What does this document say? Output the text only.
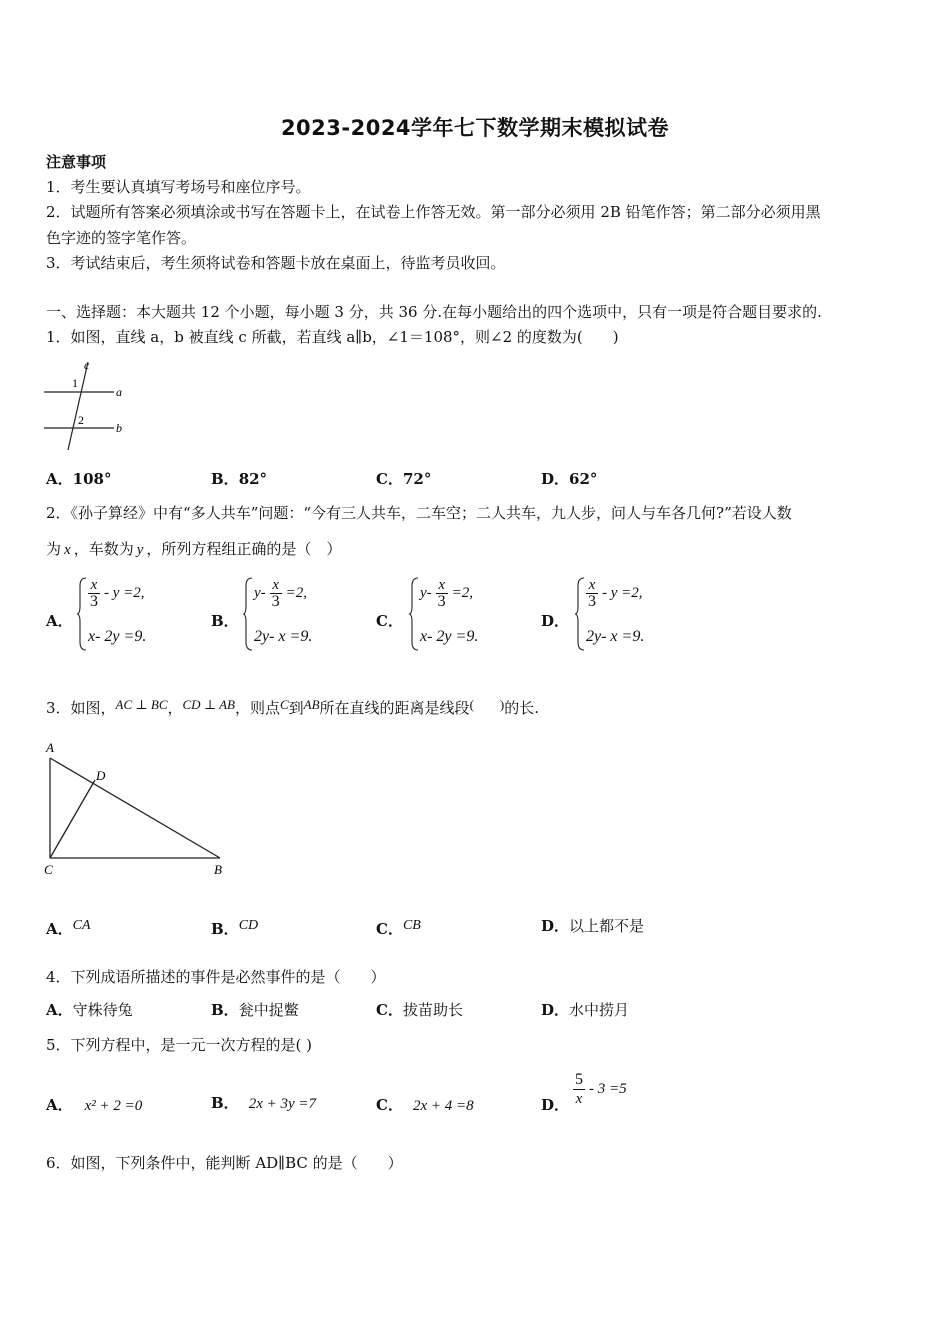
2023-2024学年七下数学期末模拟试卷
注意事项
1．考生要认真填写考场号和座位序号。
2．试题所有答案必须填涂或书写在答题卡上，在试卷上作答无效。第一部分必须用 2B 铅笔作答；第二部分必须用黑
色字迹的签字笔作答。
3．考试结束后，考生须将试卷和答题卡放在桌面上，待监考员收回。
一、选择题：本大题共 12 个小题，每小题 3 分，共 36 分.在每小题给出的四个选项中，只有一项是符合题目要求的.
1．如图，直线 a，b 被直线 c 所截，若直线 a∥b，∠1＝108°，则∠2 的度数为(　　)
c
1
2
a
b
A．108°	B．82°	C．72°	D．62°
2．《孙子算经》中有“多人共车”问题：“今有三人共车，二车空；二人共车，九人步，问人与车各几何?”若设人数
为 x ，车数为 y ，所列方程组正确的是（　）
A．
$\frac{x}{3} - y =2$,
x- 2y =9.
B．
$y- \frac{x}{3} =2$,
2y- x =9.
C．
$y- \frac{x}{3} =2$,
x- 2y =9.
D．
$\frac{x}{3} - y =2$,
2y- x =9.
3．如图，AC ⊥ BC，CD ⊥ AB，则点C到AB所在直线的距离是线段(　　)的长.
A
D
C	B
A．CA	B．CD	C．CB	D．以上都不是
4．下列成语所描述的事件是必然事件的是（　　）
A．守株待兔	B．瓮中捉鳖	C．拔苗助长	D．水中捞月
5．下列方程中，是一元一次方程的是( )
A． x² + 2 =0	B． 2x + 3y =7	C． 2x + 4 =8	D． $\frac{5}{x} - 3 =5$
6．如图，下列条件中，能判断 AD∥BC 的是（　　）
